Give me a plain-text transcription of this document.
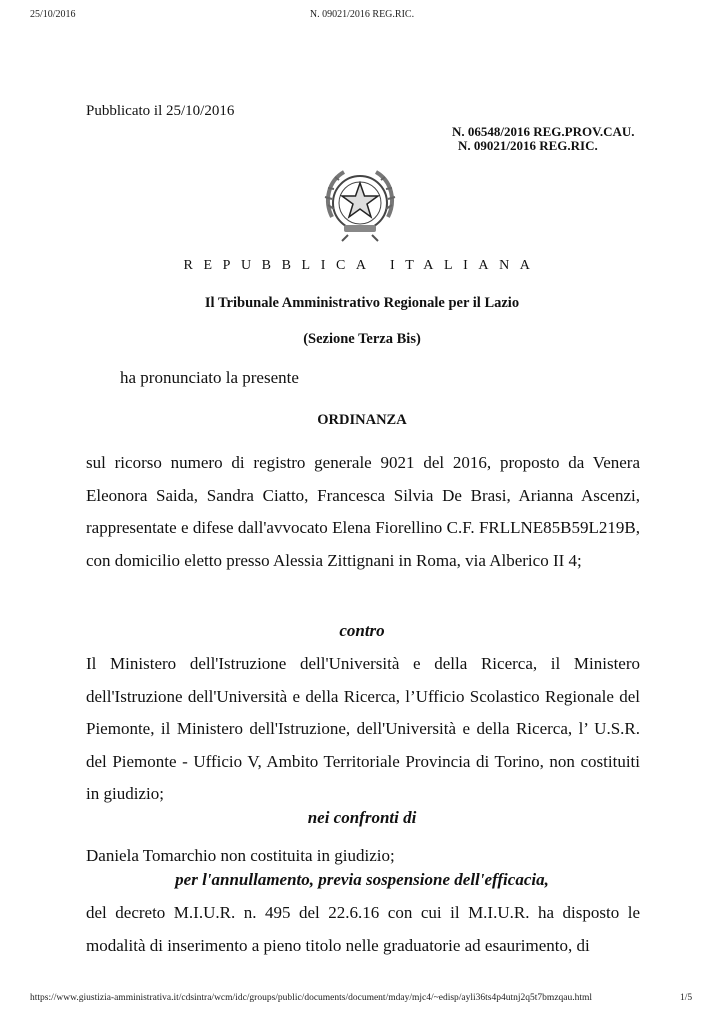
25/10/2016	N. 09021/2016 REG.RIC.
Pubblicato il 25/10/2016
N. 06548/2016 REG.PROV.CAU.
N. 09021/2016 REG.RIC.
REPUBBLICA ITALIANA
Il Tribunale Amministrativo Regionale per il Lazio
(Sezione Terza Bis)
ha pronunciato la presente
ORDINANZA
sul ricorso numero di registro generale 9021 del 2016, proposto da Venera Eleonora Saida, Sandra Ciatto, Francesca Silvia De Brasi, Arianna Ascenzi, rappresentate e difese dall'avvocato Elena Fiorellino C.F. FRLLNE85B59L219B, con domicilio eletto presso Alessia Zittignani in Roma, via Alberico II 4;
contro
Il Ministero dell'Istruzione dell'Università e della Ricerca, il Ministero dell'Istruzione dell'Università e della Ricerca, l’Ufficio Scolastico Regionale del Piemonte, il Ministero dell'Istruzione, dell'Università e della Ricerca, l’ U.S.R. del Piemonte - Ufficio V, Ambito Territoriale Provincia di Torino, non costituiti in giudizio;
nei confronti di
Daniela Tomarchio non costituita in giudizio;
per l'annullamento, previa sospensione dell'efficacia,
del decreto M.I.U.R. n. 495 del 22.6.16 con cui il M.I.U.R. ha disposto le modalità di inserimento a pieno titolo nelle graduatorie ad esaurimento, di
https://www.giustizia-amministrativa.it/cdsintra/wcm/idc/groups/public/documents/document/mday/mjc4/~edisp/ayli36ts4p4utnj2q5t7bmzqau.html	1/5
